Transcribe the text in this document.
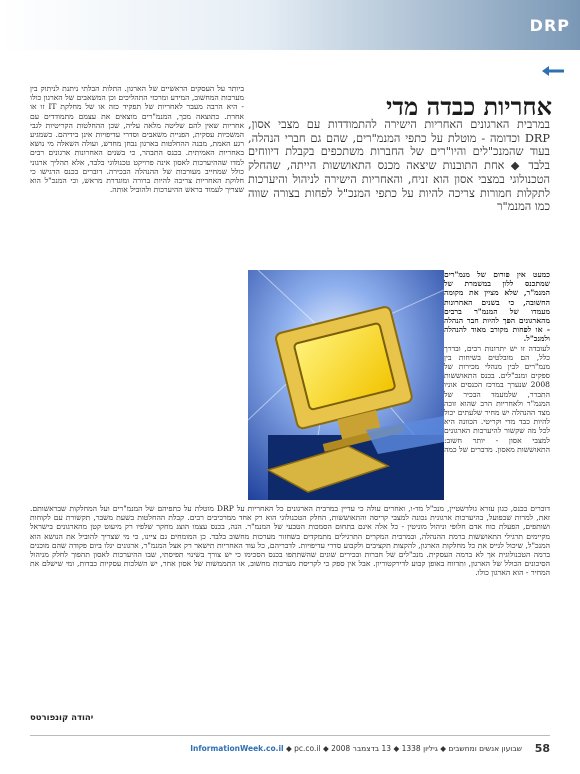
DRP
אחריות כבדה מדי
במרבית הארגונים האחריות הישירה להתמודדות עם מצבי אסון, DRP וכדומה - מוטלת על כתפי המנמ"רים, שהם גם חברי הנהלה, בעוד שהמנכ"לים והיו"רים של החברות משתכפים בקבלת דיווחים בלבד ◆ אחת התובנות שיצאה מכנס התאוששות הייתה, שהחלק הטכנולוגי במצבי אסון הוא זניח, והאחריות הישירה לניהול והיערכות לתקלות חמורות צריכה להיות על כתפי המנכ"ל לפחות בצורה שווה כמו המנמ"ר

כמעט אין פורום של מנמ"רים שמתכנס ללון במשמרת של המנמ"ר, שלא מציין את מקומה החשובה, כי בשנים האחרונות מעמדו של המנמ"ר ברבים מהארגונים הפך להיות חבר הנהלה - או לפחות מקורב מאוד להנהלה ולמנכ"ל.

לעובדה זו יש יתרונות רבים, ובדרך כלל, הם מובלטים בשיחות בין מנמ"רים לבין מנהלי מכירות של ספקים ומנכ"לים. בכנס התאוששות 2008 שנערך במרכז הכנסים אוניו התברר, שלמעמד הבכיר של המנמ"ר ולאחריות הרב שהוא זוכה מצד ההנהלה יש מחיר שלעתים יכול להיות כבד מדי וקריטי. הכוונה היא לכל מה שקשור להיערכות הארגונים למצבי אסון - יותר חשוב: התאוששות מאסון. מדברים של כמה

ביותר על העסקים הראשיים של הארגון. התלות הבלתי ניתנת לניתוק בין מערכות המחשוב, המידע ומרכזי התהליכים וכן המשאבים של הארגון כולו - היא הרבה מעבר לאחריות של תפקיד כזה או של מחלקת IT זו או אחרת. כתוצאה מכך, המנמ"רים מוצאים את עצמם מתמודדים עם אחריות שאין להם שליטה מלאה עליה, שכן ההחלטות הקריטיות לגבי המשכיות עסקית, הפניית משאבים וסדרי עדיפויות אינן בידיהם. כשמגיע רגע האמת, מבנה ההחלטות בארגון נבחן מחדש, ועולה השאלה מי נושא באחריות האמיתית. בכנס התבהר, כי בשנים האחרונות ארגונים רבים למדו שההיערכות לאסון אינה פרויקט טכנולוגי בלבד, אלא תהליך ארגוני כולל שמחייב מעורבות של ההנהלה הבכירה. דוברים בכנס הדגישו כי חלוקת האחריות צריכה להיות ברורה ומוגדרת מראש, וכי המנכ"ל הוא שצריך לעמוד בראש ההיערכות ולהוביל אותה.

דוברים בכנס, כגון עזרא גולדשטיין, מנכ"ל מד-ו, ואחרים עולה כי עדיין במרבית הארגונים כל האחריות על DRP מוטלת על כתפיהם של המנמ"רים ועל המחלקות שבראשותם. זאת, למרות שבפועל, בהיערכות ארגונית נכונה למצבי קריסה והתאוששות, החלק הטכנולוגי הוא רק אחד ממרכיבים רבים. קבלת ההחלטות בשעת משבר, תקשורת עם לקוחות ושותפים, הפעלת כוח אדם חלופי וניהול מוניטין - כל אלה אינם בתחום הסמכות הטבעי של המנמ"ר. הנה, בכנס עצמו הוצג מחקר שלפיו רק מיעוט קטן מהארגונים בישראל מקיימים תרגילי התאוששות ברמת ההנהלה, ובמרבית המקרים התרגילים מתמקדים בשחזור מערכות מחשוב בלבד. כן המומחים גם ציינו, כי מי שצריך להוביל את הנושא הוא המנכ"ל, שיכול לגייס את כל מחלקות הארגון, להקצות תקציבים ולקבוע סדרי עדיפויות. לדבריהם, כל עוד האחריות תישאר רק אצל המנמ"ר, ארגונים יגלו ביום פקודה שהם מוכנים ברמה הטכנולוגית אך לא ברמה העסקית. מנכ"לים של חברות ובכירים שונים שהשתתפו בכנס הסכימו כי יש צורך בשינוי תפיסתי, שבו ההיערכות לאסון תהפוך לחלק מניהול הסיכונים הכולל של הארגון, ותדווח באופן קבוע לדירקטוריון. אבל אין ספק כי לקריסת מערכות מחשוב, או התממשות של אסון אחר, יש השלכות עסקיות כבדות, ומי שישלם את המחיר - הוא הארגון כולו.

יהודה קונפורטס
58
שבועון אנשים ומחשבים ◆ גיליון 1338 ◆ 13 בדצמבר 2008 ◆ InformationWeek.co.il ◆ pc.co.il
